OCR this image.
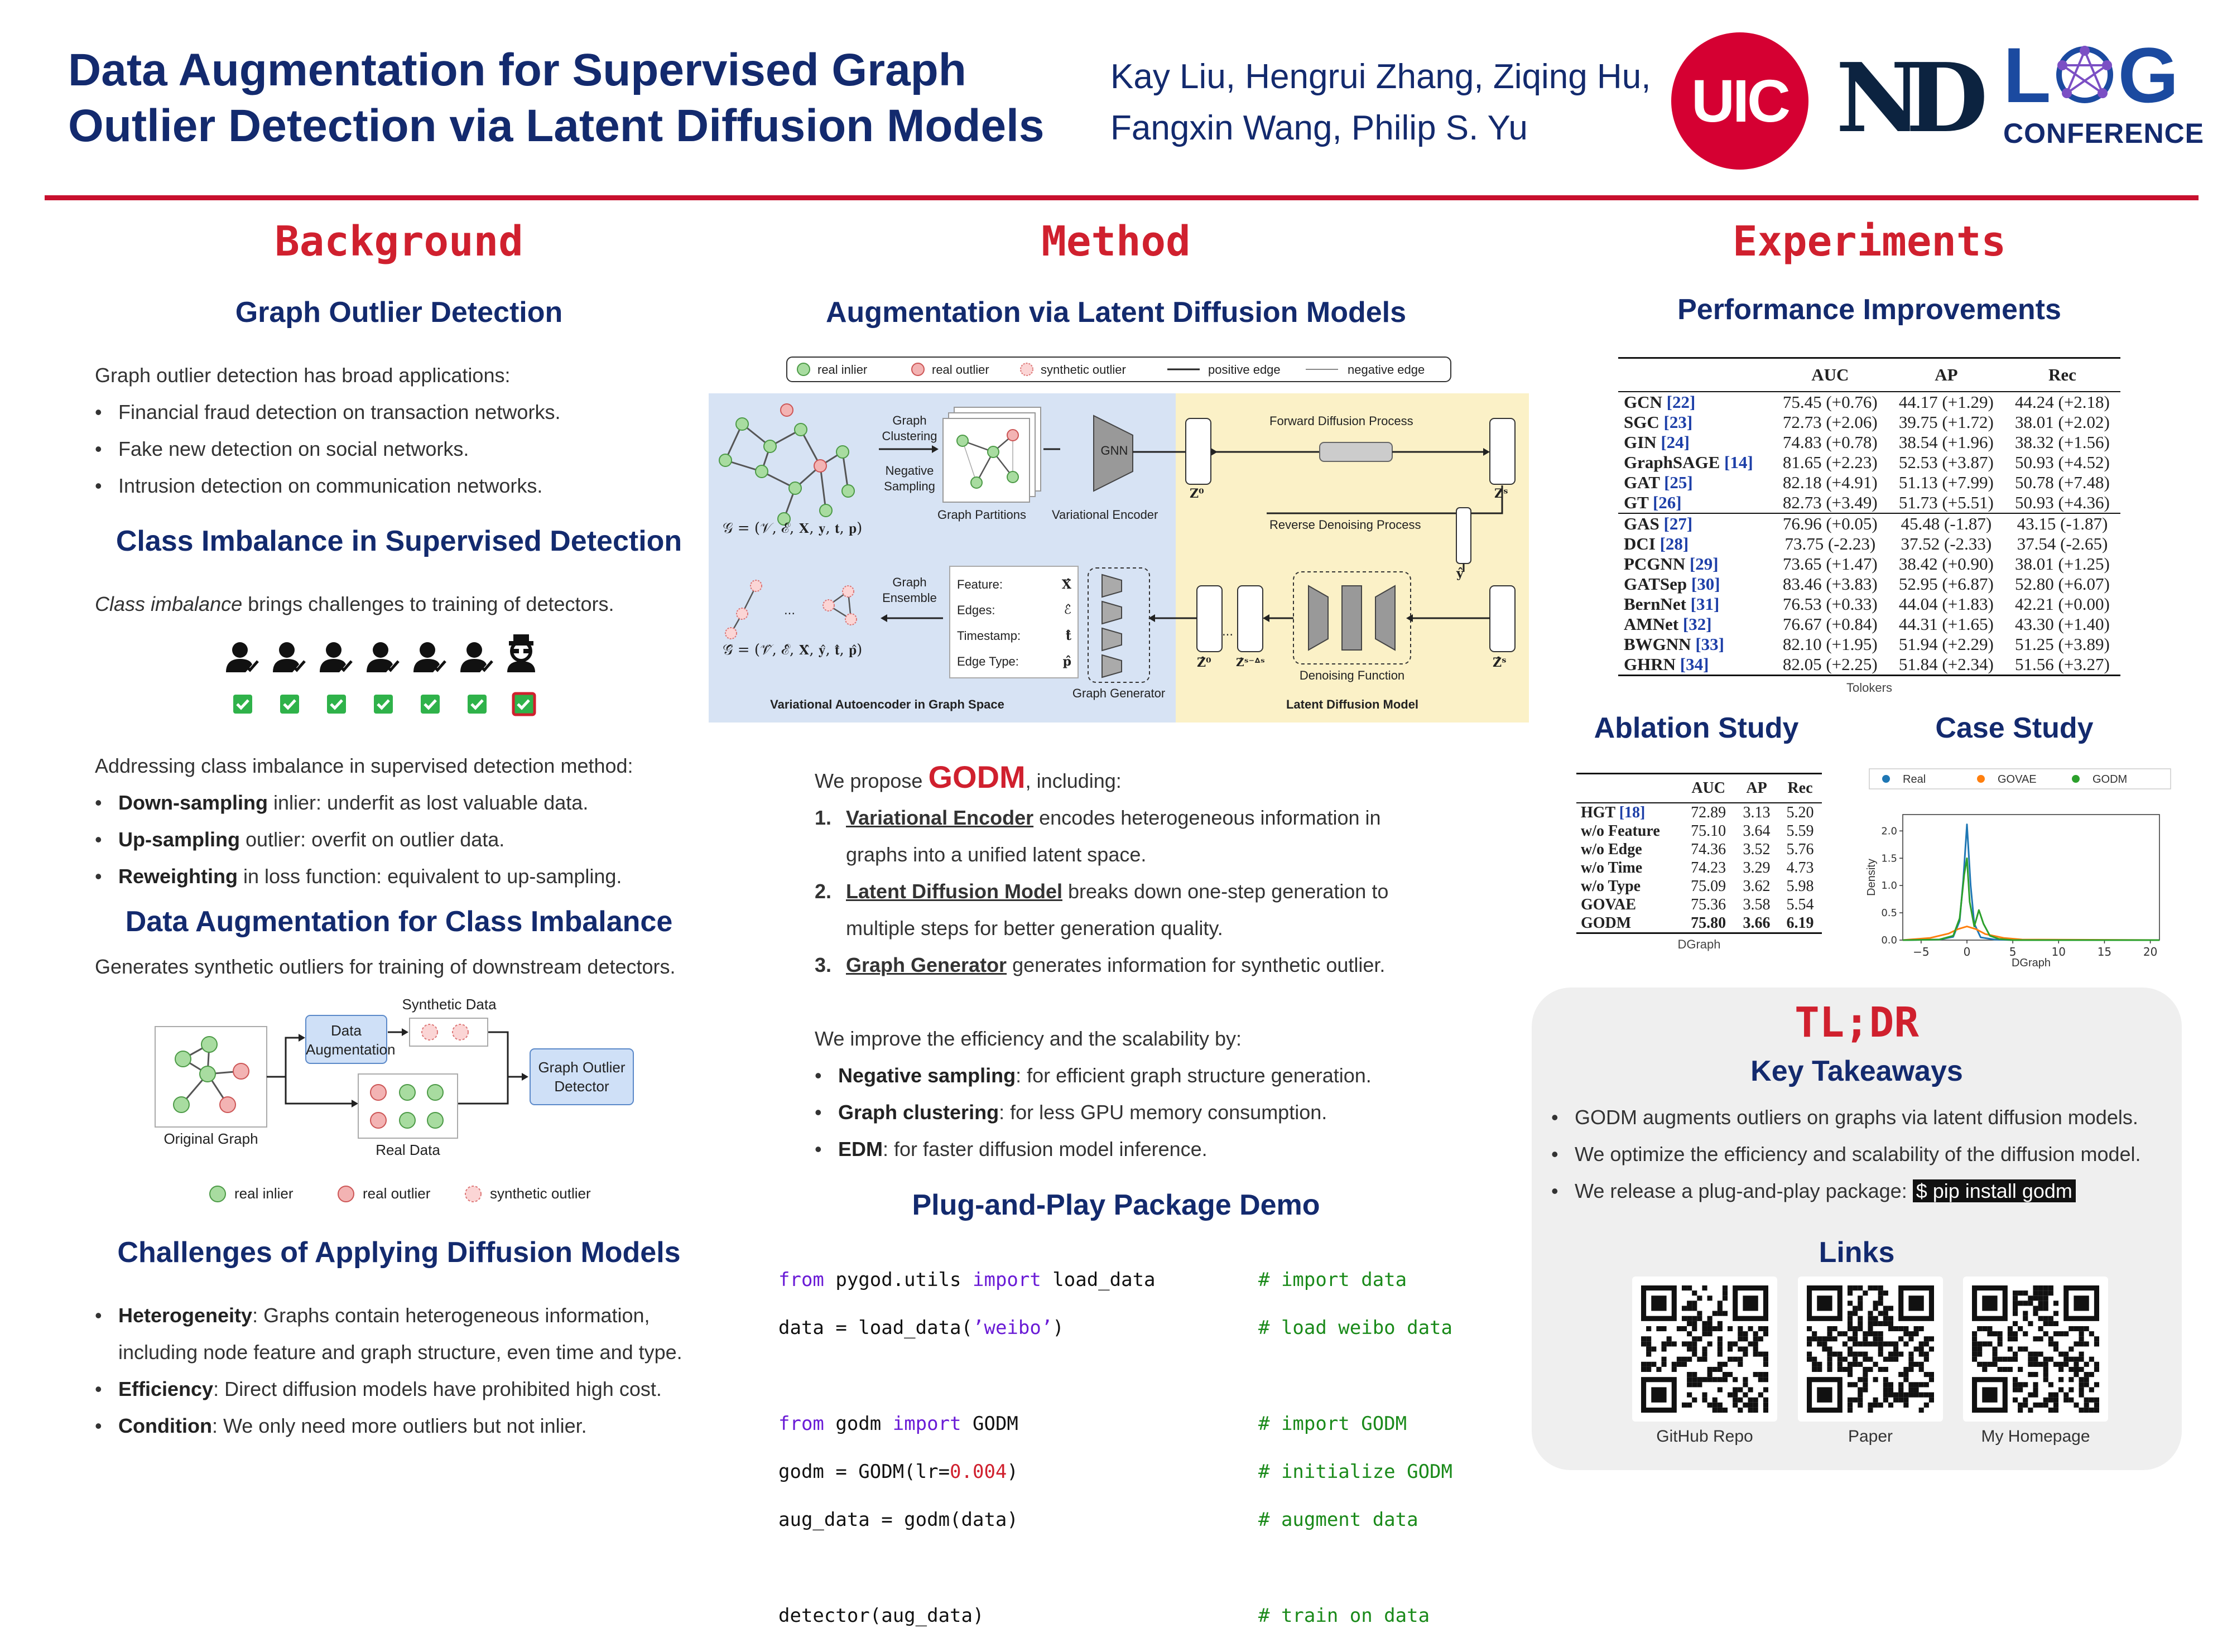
Data Augmentation for Supervised Graph
Outlier Detection via Latent Diffusion Models
Kay Liu, Hengrui Zhang, Ziqing Hu,
Fangxin Wang, Philip S. Yu	UIC ND L G
CONFERENCE
Background
Graph Outlier Detection
Graph outlier detection has broad applications:
• Financial fraud detection on transaction networks.
• Fake new detection on social networks.
• Intrusion detection on communication networks.
Class Imbalance in Supervised Detection
Class imbalance brings challenges to training of detectors.
Addressing class imbalance in supervised detection method:
• Down-sampling inlier: underfit as lost valuable data.
• Up-sampling outlier: overfit on outlier data.
• Reweighting in loss function: equivalent to up-sampling.
Data Augmentation for Class Imbalance
Generates synthetic outliers for training of downstream detectors.
Data
Augmentation
Synthetic Data
Real Data
Original Graph
Graph Outlier
Detector
real inlier	real outlier	synthetic outlier
Challenges of Applying Diffusion Models
• Heterogeneity: Graphs contain heterogeneous information,
including node feature and graph structure, even time and type.
• Efficiency: Direct diffusion models have prohibited high cost.
• Condition: We only need more outliers but not inlier.
Method
Augmentation via Latent Diffusion Models
real inlier	real outlier	synthetic outlier	positive edge	negative edge
Graph
Clustering
Negative
Sampling
GNN
Graph Partitions Variational Encoder
𝒢 = (𝒱, ℰ, 𝐗, 𝐲, 𝐭, 𝐩)
Forward Diffusion Process
Reverse Denoising Process
𝐙⁰	𝐙ˢ
𝐲̂
Graph
Ensemble
Feature:	𝐗̂
Edges:	ℰ̂
Timestamp:	𝐭̂
Edge Type:	𝐩̂
...
...
𝒢̂ = (𝒱̂, ℰ̂, 𝐗̂, 𝐲̂, 𝐭̂, 𝐩̂)
𝐙̂⁰ 𝐙̂ˢ⁻ᐞˢ	𝐙̂ˢ
Denoising Function
Graph Generator
Variational Autoencoder in Graph Space	Latent Diffusion Model
We propose GODM, including:
1. Variational Encoder encodes heterogeneous information in
graphs into a unified latent space.
2. Latent Diffusion Model breaks down one-step generation to
multiple steps for better generation quality.
3. Graph Generator generates information for synthetic outlier.
We improve the efficiency and the scalability by:
• Negative sampling: for efficient graph structure generation.
• Graph clustering: for less GPU memory consumption.
• EDM: for faster diffusion model inference.
Plug-and-Play Package Demo

from pygod.utils import load_data	# import data

data = load_data(’weibo’)	# load weibo data

from godm import GODM	# import GODM

godm = GODM(lr=0.004)	# initialize GODM

aug_data = godm(data)	# augment data

detector(aug_data)	# train on data

Experiments
Performance Improvements
	AUC	AP	Rec
GCN [22]	75.45 (+0.76)	44.17 (+1.29)	44.24 (+2.18)
SGC [23]	72.73 (+2.06)	39.75 (+1.72)	38.01 (+2.02)
GIN [24]	74.83 (+0.78)	38.54 (+1.96)	38.32 (+1.56)
GraphSAGE [14]	81.65 (+2.23)	52.53 (+3.87)	50.93 (+4.52)
GAT [25]	82.18 (+4.91)	51.13 (+7.99)	50.78 (+7.48)
GT [26]	82.73 (+3.49)	51.73 (+5.51)	50.93 (+4.36)
GAS [27]	76.96 (+0.05)	45.48 (-1.87)	43.15 (-1.87)
DCI [28]	73.75 (-2.23)	37.52 (-2.33)	37.54 (-2.65)
PCGNN [29]	73.65 (+1.47)	38.42 (+0.90)	38.01 (+1.25)
GATSep [30]	83.46 (+3.83)	52.95 (+6.87)	52.80 (+6.07)
BernNet [31]	76.53 (+0.33)	44.04 (+1.83)	42.21 (+0.00)
AMNet [32]	76.67 (+0.84)	44.31 (+1.65)	43.30 (+1.40)
BWGNN [33]	82.10 (+1.95)	51.94 (+2.29)	51.25 (+3.89)
GHRN [34]	82.05 (+2.25)	51.84 (+2.34)	51.56 (+3.27)
Tolokers
Ablation Study
	AUC	AP	Rec
HGT [18]	72.89	3.13	5.20
w/o Feature	75.10	3.64	5.59
w/o Edge	74.36	3.52	5.76
w/o Time	74.23	3.29	4.73
w/o Type	75.09	3.62	5.98
GOVAE	75.36	3.58	5.54
GODM	75.80	3.66	6.19
DGraph
Case Study
Real	GOVAE	GODM
−5	0	5	10	15	20
0.0
0.5
1.0
1.5
2.0
DGraph
Density
TL;DR
Key Takeaways
• GODM augments outliers on graphs via latent diffusion models.
• We optimize the efficiency and scalability of the diffusion model.
• We release a plug-and-play package: $ pip install godm
Links
GitHub Repo	Paper	My Homepage
